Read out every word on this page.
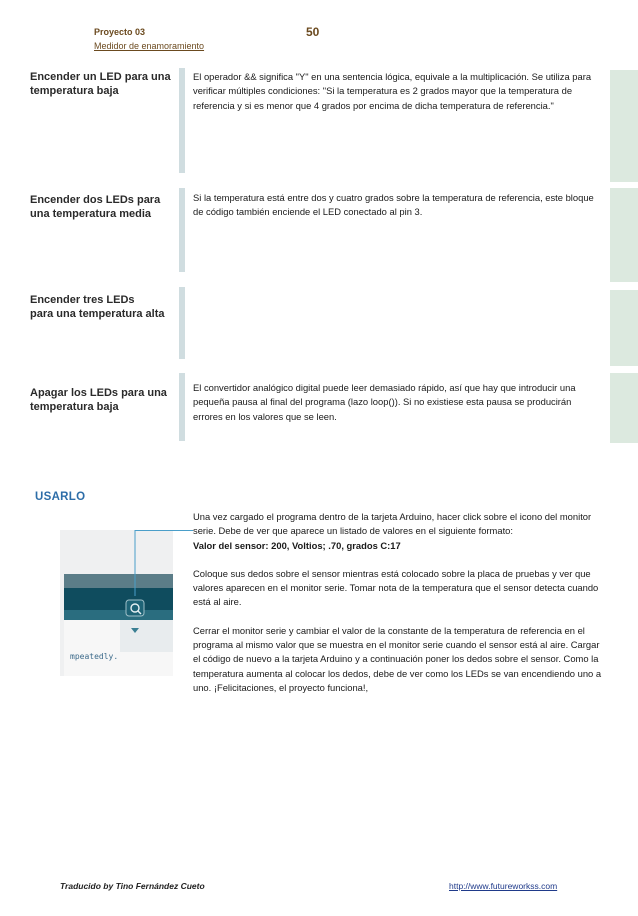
Proyecto 03
Medidor de enamoramiento
50
Encender un LED para una
temperatura baja
El operador && significa "Y" en una sentencia lógica, equivale a la multiplicación. Se utiliza para verificar múltiples condiciones: "Si la temperatura es 2 grados mayor que la temperatura de referencia y si es menor que 4 grados por encima de dicha temperatura de referencia."
Encender dos LEDs para
una temperatura media
Si la temperatura está entre dos y cuatro grados sobre la temperatura de referencia, este bloque de código también enciende el LED conectado al pin 3.
Encender tres LEDs
para una temperatura alta
Apagar los LEDs para una
temperatura baja
El convertidor analógico digital puede leer demasiado rápido, así que hay que introducir una pequeña pausa al final del programa (lazo loop()). Si no existiese esta pausa se producirán errores en los valores que se leen.
USARLO

Una vez cargado el programa dentro de la tarjeta Arduino, hacer click sobre el icono del monitor serie. Debe de ver que aparece un listado de valores en el siguiente formato:

Valor del sensor: 200, Voltios; .70, grados C:17

Coloque sus dedos sobre el sensor mientras está colocado sobre la placa de pruebas y ver que valores aparecen en el monitor serie. Tomar nota de la temperatura que el sensor detecta cuando está al aire.

Cerrar el monitor serie y cambiar el valor de la constante de la temperatura de referencia en el programa al mismo valor que se muestra en el monitor serie cuando el sensor está al aire. Cargar el código de nuevo a la tarjeta Arduino y a continuación poner los dedos sobre el sensor. Como la temperatura aumenta al colocar los dedos, debe de ver como los LEDs se van encendiendo uno a uno. ¡Felicitaciones, el proyecto funciona!,

mpeatedly.
Traducido by Tino Fernández Cueto	http://www.futureworkss.com
